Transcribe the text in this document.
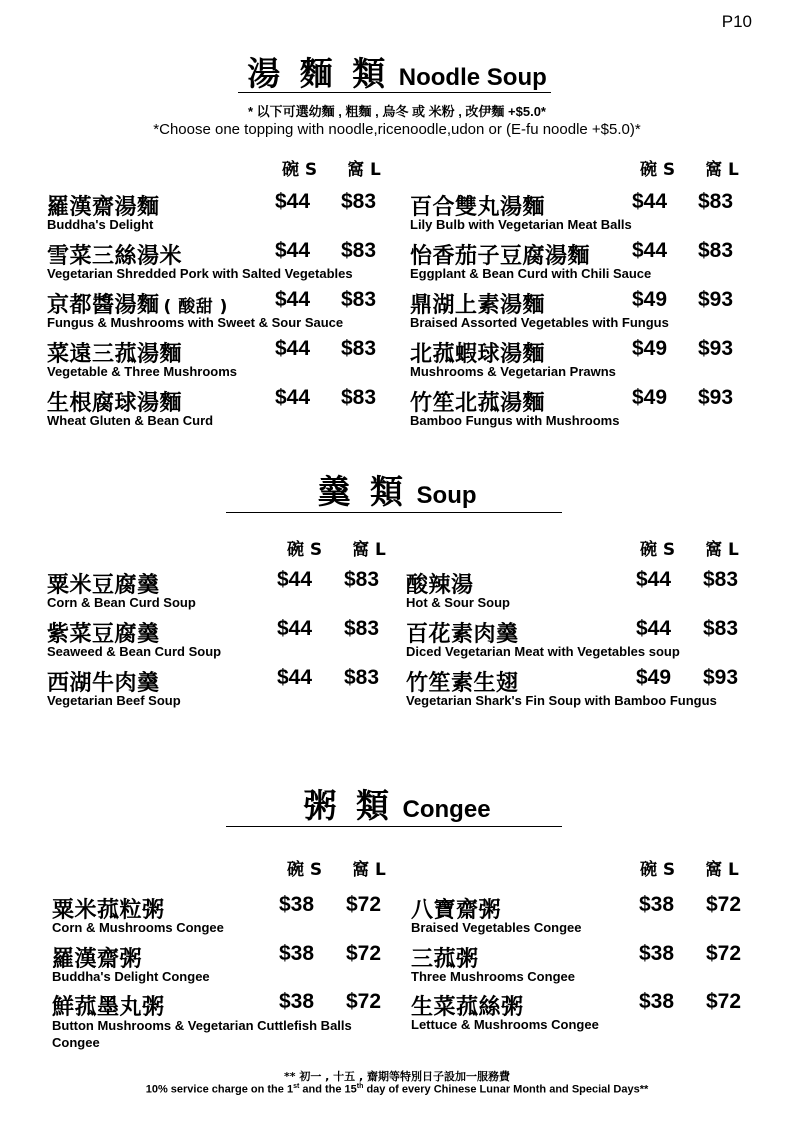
P10
湯 麵 類 Noodle Soup
* 以下可選幼麵 , 粗麵 , 烏冬 或 米粉 , 改伊麵 +$5.0*
*Choose one topping with noodle,ricenoodle,udon or (E-fu noodle +$5.0)*
碗 S 窩 L	碗 S 窩 L
羅漢齋湯麵
Buddha's Delight
$44 $83
雪菜三絲湯米
Vegetarian Shredded Pork with Salted Vegetables
$44 $83
京都醬湯麵 ( 酸甜 )
Fungus & Mushrooms with Sweet & Sour Sauce
$44 $83
菜遠三菰湯麵
Vegetable & Three Mushrooms
$44 $83
生根腐球湯麵
Wheat Gluten & Bean Curd
$44 $83
百合雙丸湯麵
Lily Bulb with Vegetarian Meat Balls
$44 $83
怡香茄子豆腐湯麵
Eggplant & Bean Curd with Chili Sauce
$44 $83
鼎湖上素湯麵
Braised Assorted Vegetables with Fungus
$49 $93
北菰蝦球湯麵
Mushrooms & Vegetarian Prawns
$49 $93
竹笙北菰湯麵
Bamboo Fungus with Mushrooms
$49 $93
羹 類 Soup
碗 S 窩 L	碗 S 窩 L
粟米豆腐羹
Corn & Bean Curd Soup
$44 $83
紫菜豆腐羹
Seaweed & Bean Curd Soup
$44 $83
西湖牛肉羹
Vegetarian Beef Soup
$44 $83
酸辣湯
Hot & Sour Soup
$44 $83
百花素肉羹
Diced Vegetarian Meat with Vegetables soup
$44 $83
竹笙素生翅
Vegetarian Shark's Fin Soup with Bamboo Fungus
$49 $93
粥 類 Congee
碗 S 窩 L	碗 S 窩 L
粟米菰粒粥
Corn & Mushrooms Congee
$38 $72
羅漢齋粥
Buddha's Delight Congee
$38 $72
鮮菰墨丸粥
Button Mushrooms & Vegetarian Cuttlefish Balls Congee
$38 $72
八寶齋粥
Braised Vegetables Congee
$38 $72
三菰粥
Three Mushrooms Congee
$38 $72
生菜菰絲粥
Lettuce & Mushrooms Congee
$38 $72
** 初一 , 十五 , 齋期等特別日子設加一服務費
10% service charge on the 1st and the 15th day of every Chinese Lunar Month and Special Days**
